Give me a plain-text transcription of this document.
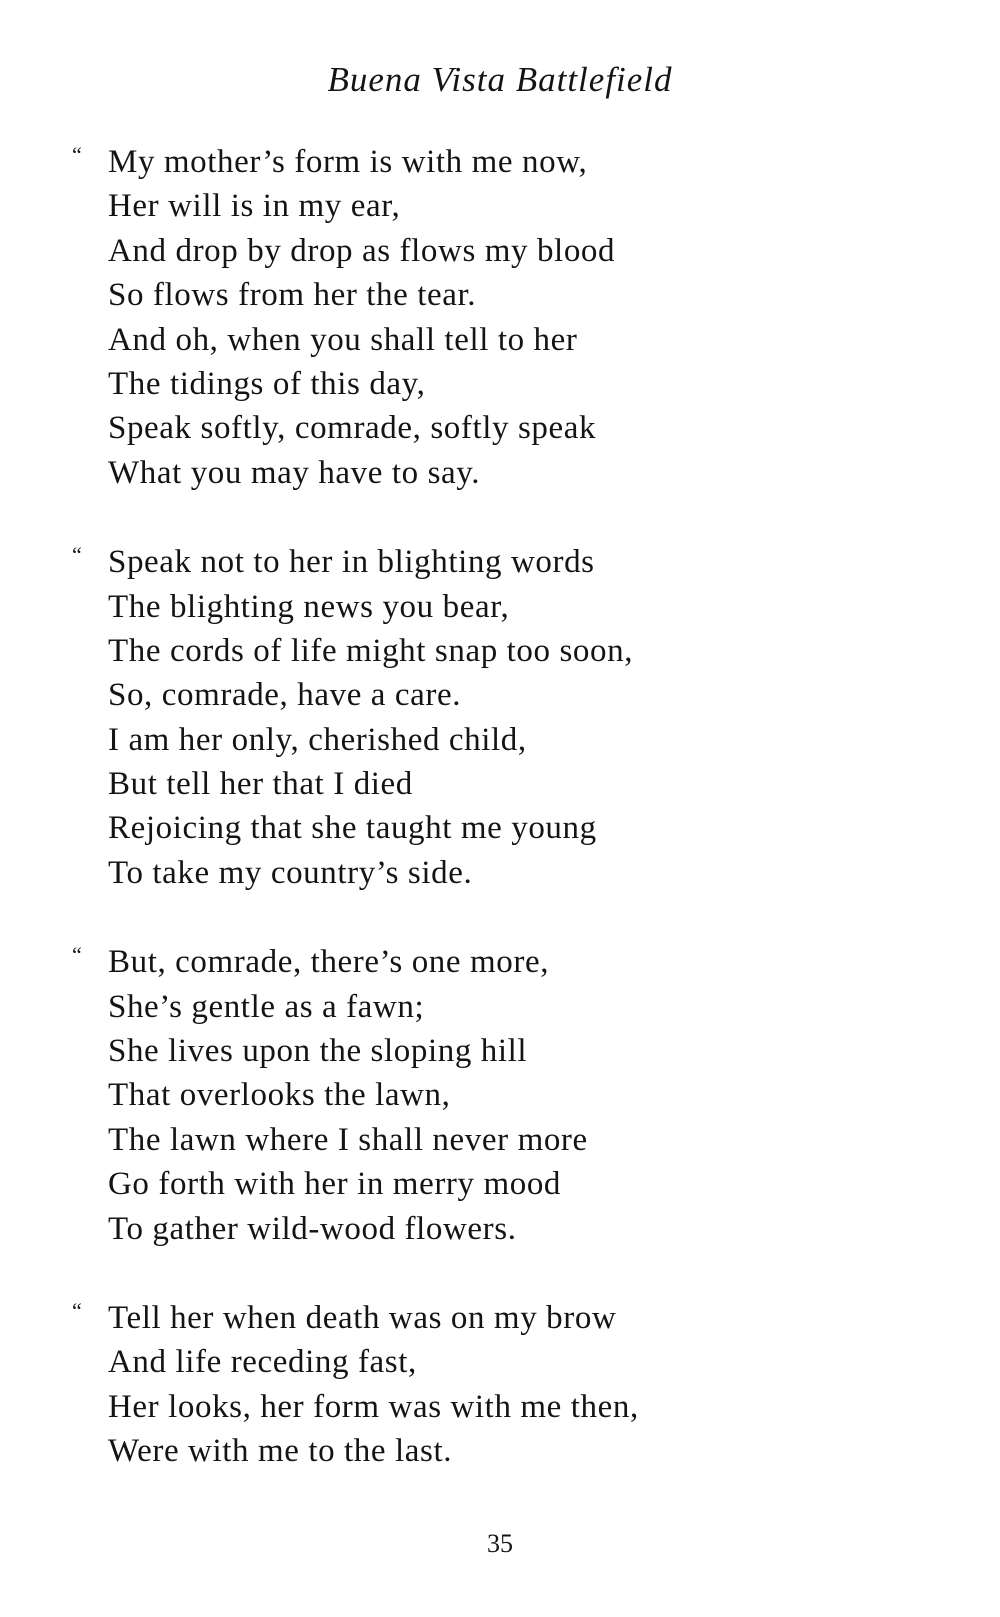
Buena Vista Battlefield
“ My mother’s form is with me now,
Her will is in my ear,
And drop by drop as flows my blood
So flows from her the tear.
And oh, when you shall tell to her
The tidings of this day,
Speak softly, comrade, softly speak
What you may have to say.
“ Speak not to her in blighting words
The blighting news you bear,
The cords of life might snap too soon,
So, comrade, have a care.
I am her only, cherished child,
But tell her that I died
Rejoicing that she taught me young
To take my country’s side.
“ But, comrade, there’s one more,
She’s gentle as a fawn;
She lives upon the sloping hill
That overlooks the lawn,
The lawn where I shall never more
Go forth with her in merry mood
To gather wild-wood flowers.
“ Tell her when death was on my brow
And life receding fast,
Her looks, her form was with me then,
Were with me to the last.
35
